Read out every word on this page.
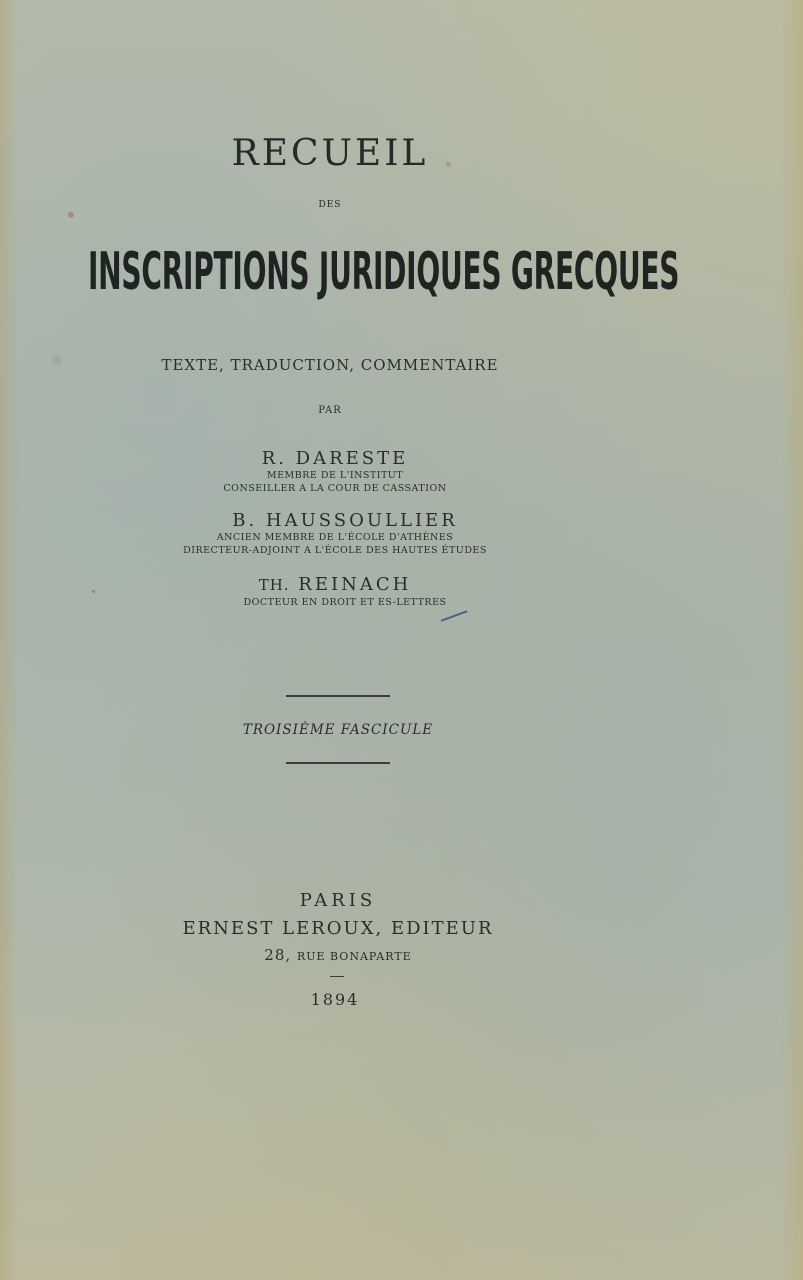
RECUEIL

DES

INSCRIPTIONS JURIDIQUES GRECQUES

TEXTE, TRADUCTION, COMMENTAIRE

PAR

R. DARESTE

MEMBRE DE L'INSTITUT

CONSEILLER A LA COUR DE CASSATION

B. HAUSSOULLIER

ANCIEN MEMBRE DE L'ÉCOLE D'ATHÈNES

DIRECTEUR-ADJOINT A L'ÉCOLE DES HAUTES ÉTUDES

TH. REINACH

DOCTEUR EN DROIT ET ES-LETTRES

TROISIÈME FASCICULE

PARIS

ERNEST LEROUX, EDITEUR

28, RUE BONAPARTE

1894
